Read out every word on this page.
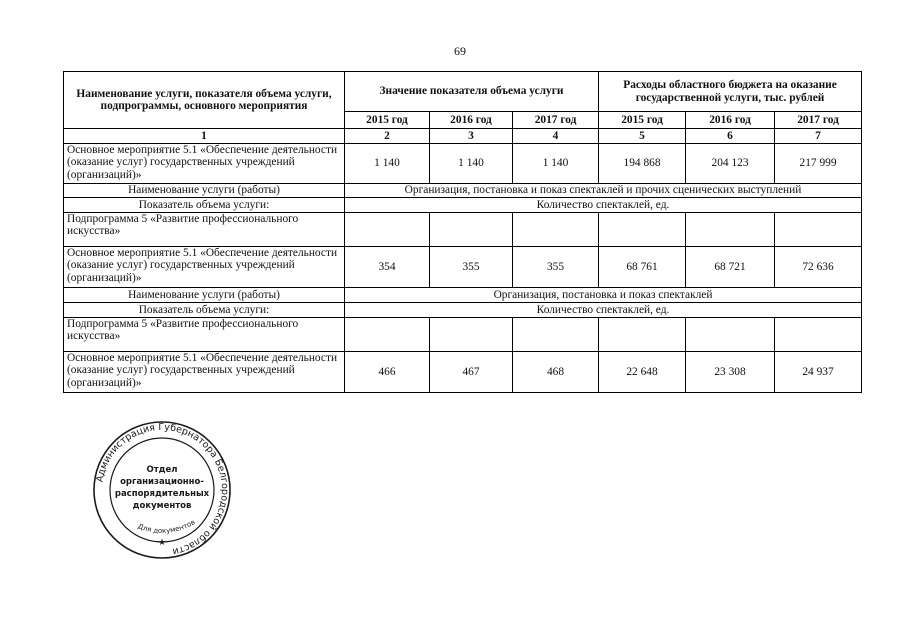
69
Наименование услуги, показателя объема услуги, подпрограммы, основного мероприятия	Значение показателя объема услуги			Расходы областного бюджета на оказание государственной услуги, тыс. рублей		
	2015 год	2016 год	2017 год	2015 год	2016 год	2017 год
1	2	3	4	5	6	7
Основное мероприятие 5.1 «Обеспечение деятельности (оказание услуг) государственных учреждений (организаций)»	1 140	1 140	1 140	194 868	204 123	217 999
Наименование услуги (работы)	Организация, постановка и показ спектаклей и прочих сценических выступлений					
Показатель объема услуги:	Количество спектаклей, ед.					
Подпрограмма 5 «Развитие профессионального искусства»						
Основное мероприятие 5.1 «Обеспечение деятельности (оказание услуг) государственных учреждений (организаций)»	354	355	355	68 761	68 721	72 636
Наименование услуги (работы)	Организация, постановка и показ спектаклей					
Показатель объема услуги:	Количество спектаклей, ед.					
Подпрограмма 5 «Развитие профессионального искусства»						
Основное мероприятие 5.1 «Обеспечение деятельности (оказание услуг) государственных учреждений (организаций)»	466	467	468	22 648	23 308	24 937
Администрация Губернатора Белгородской области
Отдел
организационно-
распорядительных
документов
Для документов
★
